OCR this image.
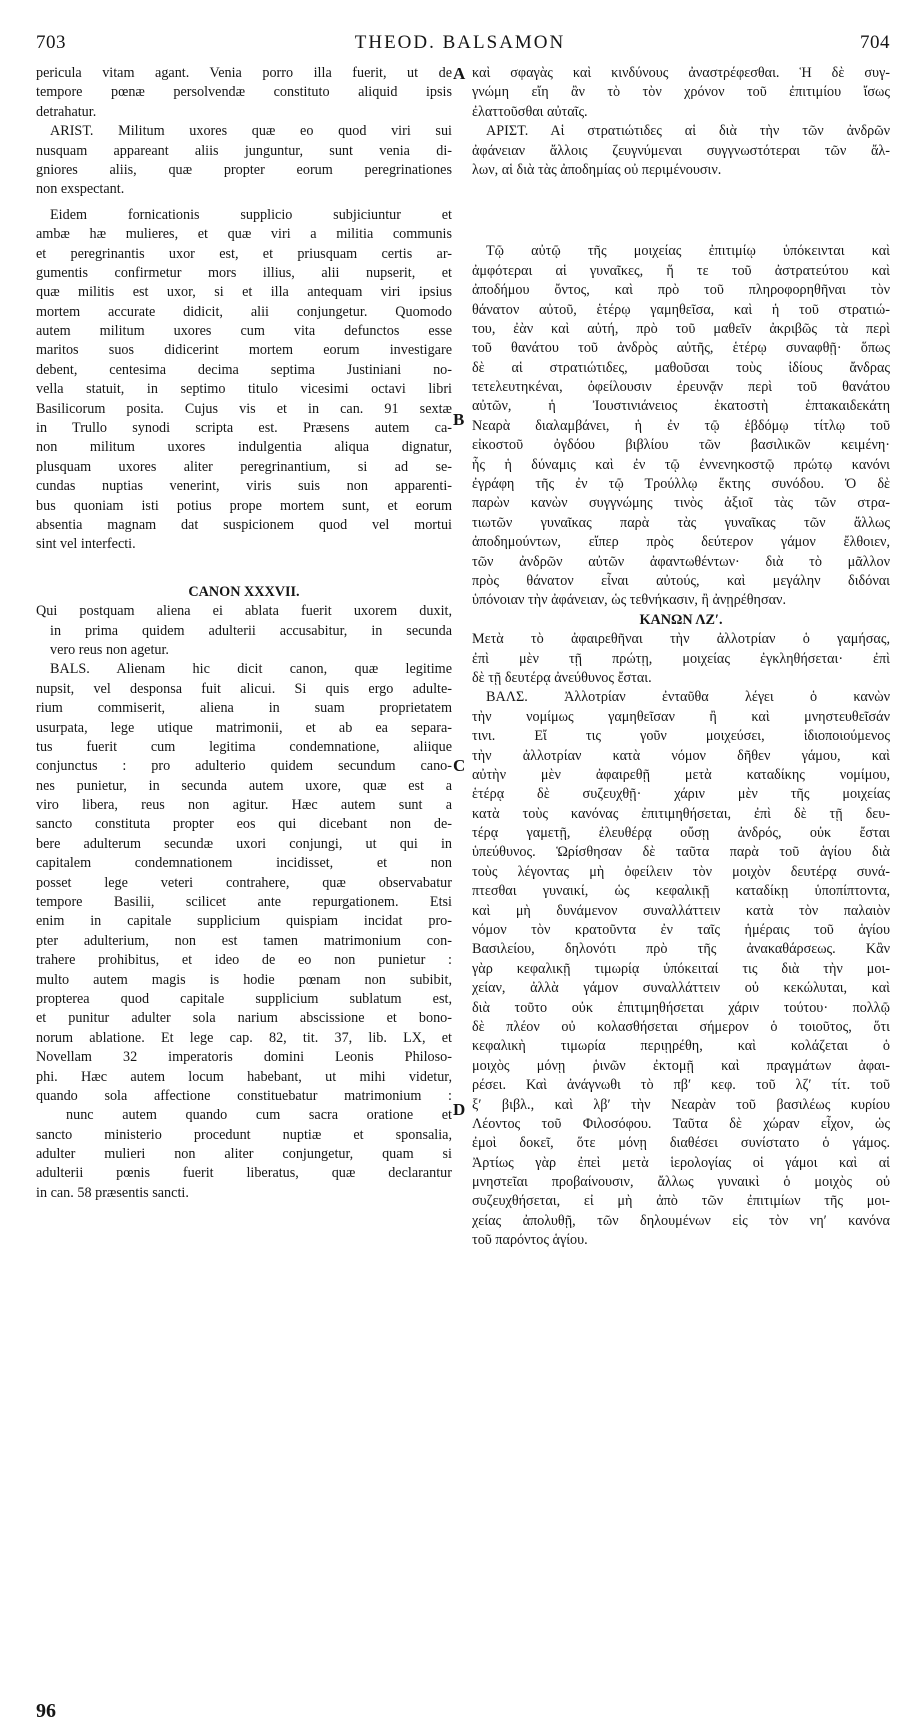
703	THEOD. BALSAMON	704
pericula vitam agant. Venia porro illa fuerit, ut de
tempore pœnæ persolvendæ constituto aliquid ipsis
detrahatur.
ARIST. Militum uxores quæ eo quod viri sui
nusquam appareant aliis junguntur, sunt venia di-
gniores aliis, quæ propter eorum peregrinationes
non exspectant.
Eidem fornicationis supplicio subjiciuntur et
ambæ hæ mulieres, et quæ viri a militia communis
et peregrinantis uxor est, et priusquam certis ar-
gumentis confirmetur mors illius, alii nupserit, et
quæ militis est uxor, si et illa antequam viri ipsius
mortem accurate didicit, alii conjungetur. Quomodo
autem militum uxores cum vita defunctos esse
maritos suos didicerint mortem eorum investigare
debent, centesima decima septima Justiniani no-
vella statuit, in septimo titulo vicesimi octavi libri
Basilicorum posita. Cujus vis et in can. 91 sextæ
in Trullo synodi scripta est. Præsens autem ca-
non militum uxores indulgentia aliqua dignatur,
plusquam uxores aliter peregrinantium, si ad se-
cundas nuptias venerint, viris suis non apparenti-
bus quoniam isti potius prope mortem sunt, et eorum
absentia magnam dat suspicionem quod vel mortui
sint vel interfecti.
CANON XXXVII.
Qui postquam aliena ei ablata fuerit uxorem duxit,
in prima quidem adulterii accusabitur, in secunda
vero reus non agetur.
BALS. Alienam hic dicit canon, quæ legitime
nupsit, vel desponsa fuit alicui. Si quis ergo adulte-
rium commiserit, aliena in suam proprietatem
usurpata, lege utique matrimonii, et ab ea separa-
tus fuerit cum legitima condemnatione, aliique
conjunctus : pro adulterio quidem secundum cano-
nes punietur, in secunda autem uxore, quæ est a
viro libera, reus non agitur. Hæc autem sunt a
sancto constituta propter eos qui dicebant non de-
bere adulterum secundæ uxori conjungi, ut qui in
capitalem condemnationem incidisset, et non
posset lege veteri contrahere, quæ observabatur
tempore Basilii, scilicet ante repurgationem. Etsi
enim in capitale supplicium quispiam incidat pro-
pter adulterium, non est tamen matrimonium con-
trahere prohibitus, et ideo de eo non punietur :
multo autem magis is hodie pœnam non subibit,
propterea quod capitale supplicium sublatum est,
et punitur adulter sola narium abscissione et bono-
norum ablatione. Et lege cap. 82, tit. 37, lib. LX, et
Novellam 32 imperatoris domini Leonis Philoso-
phi. Hæc autem locum habebant, ut mihi videtur,
quando sola affectione constituebatur matrimonium :
nunc autem quando cum sacra oratione et
sancto ministerio procedunt nuptiæ et sponsalia,
adulter mulieri non aliter conjungetur, quam si
adulterii pœnis fuerit liberatus, quæ declarantur
in can. 58 præsentis sancti.
καὶ σφαγὰς καὶ κινδύνους ἀναστρέφεσθαι. Ἡ δὲ συγ-
γνώμη εἴη ἂν τὸ τὸν χρόνον τοῦ ἐπιτιμίου ἴσως
ἐλαττοῦσθαι αὐταῖς.
ΑΡΙΣΤ. Αἱ στρατιώτιδες αἱ διὰ τὴν τῶν ἀνδρῶν
ἀφάνειαν ἄλλοις ζευγνύμεναι συγγνωστότεραι τῶν ἄλ-
λων, αἱ διὰ τὰς ἀποδημίας οὐ περιμένουσιν.
Τῷ αὐτῷ τῆς μοιχείας ἐπιτιμίῳ ὑπόκεινται καὶ
ἀμφότεραι αἱ γυναῖκες, ἥ τε τοῦ ἀστρατεύτου καὶ
ἀποδήμου ὄντος, καὶ πρὸ τοῦ πληροφορηθῆναι τὸν
θάνατον αὐτοῦ, ἑτέρῳ γαμηθεῖσα, καὶ ἡ τοῦ στρατιώ-
του, ἐὰν καὶ αὐτή, πρὸ τοῦ μαθεῖν ἀκριβῶς τὰ περὶ
τοῦ θανάτου τοῦ ἀνδρὸς αὐτῆς, ἑτέρῳ συναφθῇ· ὅπως
δὲ αἱ στρατιώτιδες, μαθοῦσαι τοὺς ἰδίους ἄνδρας
τετελευτηκέναι, ὀφείλουσιν ἐρευνᾷν περὶ τοῦ θανάτου
αὐτῶν, ἡ Ἰουστινιάνειος ἑκατοστὴ ἑπτακαιδεκάτη
Νεαρὰ διαλαμβάνει, ἡ ἐν τῷ ἑβδόμῳ τίτλῳ τοῦ
εἰκοστοῦ ὀγδόου βιβλίου τῶν βασιλικῶν κειμένη·
ἧς ἡ δύναμις καὶ ἐν τῷ ἐννενηκοστῷ πρώτῳ κανόνι
ἐγράφη τῆς ἐν τῷ Τρούλλῳ ἕκτης συνόδου. Ὁ δὲ
παρὼν κανὼν συγγνώμης τινὸς ἀξιοῖ τὰς τῶν στρα-
τιωτῶν γυναῖκας παρὰ τὰς γυναῖκας τῶν ἄλλως
ἀποδημούντων, εἴπερ πρὸς δεύτερον γάμον ἔλθοιεν,
τῶν ἀνδρῶν αὐτῶν ἀφαντωθέντων· διὰ τὸ μᾶλλον
πρὸς θάνατον εἶναι αὐτούς, καὶ μεγάλην διδόναι
ὑπόνοιαν τὴν ἀφάνειαν, ὡς τεθνήκασιν, ἢ ἀνῃρέθησαν.
ΚΑΝΩΝ ΛΖʹ.
Μετὰ τὸ ἀφαιρεθῆναι τὴν ἀλλοτρίαν ὁ γαμήσας,
ἐπὶ μὲν τῇ πρώτῃ, μοιχείας ἐγκληθήσεται· ἐπὶ
δὲ τῇ δευτέρᾳ ἀνεύθυνος ἔσται.
ΒΑΛΣ. Ἀλλοτρίαν ἐνταῦθα λέγει ὁ κανὼν
τὴν νομίμως γαμηθεῖσαν ἢ καὶ μνηστευθεῖσάν
τινι. Εἴ τις γοῦν μοιχεύσει, ἰδιοποιούμενος
τὴν ἀλλοτρίαν κατὰ νόμον δῆθεν γάμου, καὶ
αὐτὴν μὲν ἀφαιρεθῇ μετὰ καταδίκης νομίμου,
ἑτέρᾳ δὲ συζευχθῇ· χάριν μὲν τῆς μοιχείας
κατὰ τοὺς κανόνας ἐπιτιμηθήσεται, ἐπὶ δὲ τῇ δευ-
τέρᾳ γαμετῇ, ἐλευθέρᾳ οὔσῃ ἀνδρός, οὐκ ἔσται
ὑπεύθυνος. Ὡρίσθησαν δὲ ταῦτα παρὰ τοῦ ἁγίου διὰ
τοὺς λέγοντας μὴ ὀφείλειν τὸν μοιχὸν δευτέρᾳ συνά-
πτεσθαι γυναικί, ὡς κεφαλικῇ καταδίκῃ ὑποπίπτοντα,
καὶ μὴ δυνάμενον συναλλάττειν κατὰ τὸν παλαιὸν
νόμον τὸν κρατοῦντα ἐν ταῖς ἡμέραις τοῦ ἁγίου
Βασιλείου, δηλονότι πρὸ τῆς ἀνακαθάρσεως. Κἂν
γὰρ κεφαλικῇ τιμωρίᾳ ὑπόκειταί τις διὰ τὴν μοι-
χείαν, ἀλλὰ γάμον συναλλάττειν οὐ κεκώλυται, καὶ
διὰ τοῦτο οὐκ ἐπιτιμηθήσεται χάριν τούτου· πολλῷ
δὲ πλέον οὐ κολασθήσεται σήμερον ὁ τοιοῦτος, ὅτι
κεφαλικὴ τιμωρία περιῃρέθη, καὶ κολάζεται ὁ
μοιχὸς μόνῃ ῥινῶν ἐκτομῇ καὶ πραγμάτων ἀφαι-
ρέσει. Καὶ ἀνάγνωθι τὸ πβʹ κεφ. τοῦ λζʹ τίτ. τοῦ
ξʹ βιβλ., καὶ λβʹ τὴν Νεαρὰν τοῦ βασιλέως κυρίου
Λέοντος τοῦ Φιλοσόφου. Ταῦτα δὲ χώραν εἶχον, ὡς
ἐμοὶ δοκεῖ, ὅτε μόνῃ διαθέσει συνίστατο ὁ γάμος.
Ἀρτίως γὰρ ἐπεὶ μετὰ ἱερολογίας οἱ γάμοι καὶ αἱ
μνηστεῖαι προβαίνουσιν, ἄλλως γυναικὶ ὁ μοιχὸς οὐ
συζευχθήσεται, εἰ μὴ ἀπὸ τῶν ἐπιτιμίων τῆς μοι-
χείας ἀπολυθῇ, τῶν δηλουμένων εἰς τὸν νηʹ κανόνα
τοῦ παρόντος ἁγίου.
A
B
C
D
96
